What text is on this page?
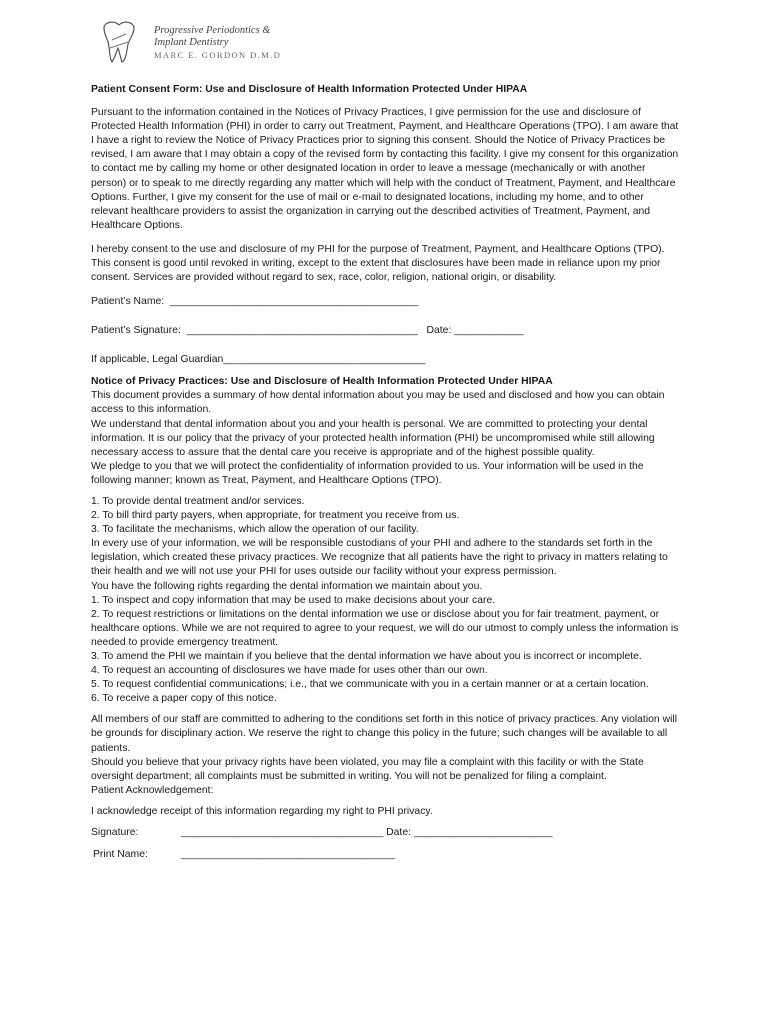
Progressive Periodontics &
Implant Dentistry
MARC E. GORDON D.M.D

Patient Consent Form: Use and Disclosure of Health Information Protected Under HIPAA

Pursuant to the information contained in the Notices of Privacy Practices, I give permission for the use and disclosure of Protected Health Information (PHI) in order to carry out Treatment, Payment, and Healthcare Operations (TPO). I am aware that I have a right to review the Notice of Privacy Practices prior to signing this consent. Should the Notice of Privacy Practices be revised, I am aware that I may obtain a copy of the revised form by contacting this facility. I give my consent for this organization to contact me by calling my home or other designated location in order to leave a message (mechanically or with another person) or to speak to me directly regarding any matter which will help with the conduct of Treatment, Payment, and Healthcare Options. Further, I give my consent for the use of mail or e-mail to designated locations, including my home, and to other relevant healthcare providers to assist the organization in carrying out the described activities of Treatment, Payment, and Healthcare Options.

I hereby consent to the use and disclosure of my PHI for the purpose of Treatment, Payment, and Healthcare Options (TPO). This consent is good until revoked in writing, except to the extent that disclosures have been made in reliance upon my prior consent. Services are provided without regard to sex, race, color, religion, national origin, or disability.

Patient’s Name:  ___________________________________________
Patient’s Signature:  ________________________________________   Date: ____________
If applicable, Legal Guardian___________________________________

Notice of Privacy Practices: Use and Disclosure of Health Information Protected Under HIPAA

This document provides a summary of how dental information about you may be used and disclosed and how you can obtain access to this information.

We understand that dental information about you and your health is personal. We are committed to protecting your dental information. It is our policy that the privacy of your protected health information (PHI) be uncompromised while still allowing necessary access to assure that the dental care you receive is appropriate and of the highest possible quality.

We pledge to you that we will protect the confidentiality of information provided to us. Your information will be used in the following manner; known as Treat, Payment, and Healthcare Options (TPO).

1. To provide dental treatment and/or services.

2. To bill third party payers, when appropriate, for treatment you receive from us.

3. To facilitate the mechanisms, which allow the operation of our facility.

In every use of your information, we will be responsible custodians of your PHI and adhere to the standards set forth in the legislation, which created these privacy practices. We recognize that all patients have the right to privacy in matters relating to their health and we will not use your PHI for uses outside our facility without your express permission.

You have the following rights regarding the dental information we maintain about you.

1. To inspect and copy information that may be used to make decisions about your care.

2. To request restrictions or limitations on the dental information we use or disclose about you for fair treatment, payment, or healthcare options. While we are not required to agree to your request, we will do our utmost to comply unless the information is needed to provide emergency treatment.

3. To amend the PHI we maintain if you believe that the dental information we have about you is incorrect or incomplete.

4. To request an accounting of disclosures we have made for uses other than our own.

5. To request confidential communications; i.e., that we communicate with you in a certain manner or at a certain location.

6. To receive a paper copy of this notice.

All members of our staff are committed to adhering to the conditions set forth in this notice of privacy practices. Any violation will be grounds for disciplinary action. We reserve the right to change this policy in the future; such changes will be available to all patients.

Should you believe that your privacy rights have been violated, you may file a complaint with this facility or with the State oversight department; all complaints must be submitted in writing. You will not be penalized for filing a complaint.

Patient Acknowledgement:

I acknowledge receipt of this information regarding my right to PHI privacy.

Signature:	___________________________________ Date: ________________________
Print Name:	_____________________________________
